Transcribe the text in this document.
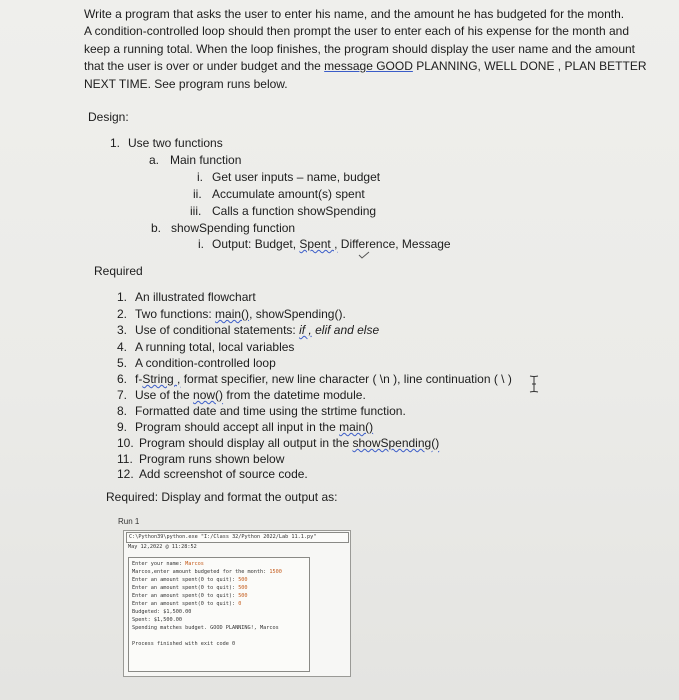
Write a program that asks the user to enter his name, and the amount he has budgeted for the month.
A condition-controlled loop should then prompt the user to enter each of his expense for the month and
keep a running total. When the loop finishes, the program should display the user name and the amount
that the user is over or under budget and the message GOOD PLANNING, WELL DONE , PLAN BETTER
NEXT TIME. See program runs below.
Design:
1. Use two functions
a. Main function
i. Get user inputs – name, budget
ii. Accumulate amount(s) spent
iii. Calls a function showSpending
b. showSpending function
i. Output: Budget, Spent , Difference, Message
Required
1. An illustrated flowchart
2. Two functions: main(), showSpending().
3. Use of conditional statements: if , elif and else
4. A running total, local variables
5. A condition-controlled loop
6. f-String , format specifier, new line character ( \n ), line continuation ( \ )
7. Use of the now() from the datetime module.
8. Formatted date and time using the strtime function.
9. Program should accept all input in the main()
10. Program should display all output in the showSpending()
11. Program runs shown below
12. Add screenshot of source code.
Required: Display and format the output as:
Run 1
C:\Python39\python.exe "I:/Class 32/Python 2022/Lab 11.1.py"
May 12,2022 @ 11:28:52
Enter your name: Marcos
Marcos,enter amount budgeted for the month: 1500
Enter an amount spent(0 to quit): 500
Enter an amount spent(0 to quit): 500
Enter an amount spent(0 to quit): 500
Enter an amount spent(0 to quit): 0
Budgeted: $1,500.00
Spent: $1,500.00
Spending matches budget. GOOD PLANNING!, Marcos
Process finished with exit code 0
